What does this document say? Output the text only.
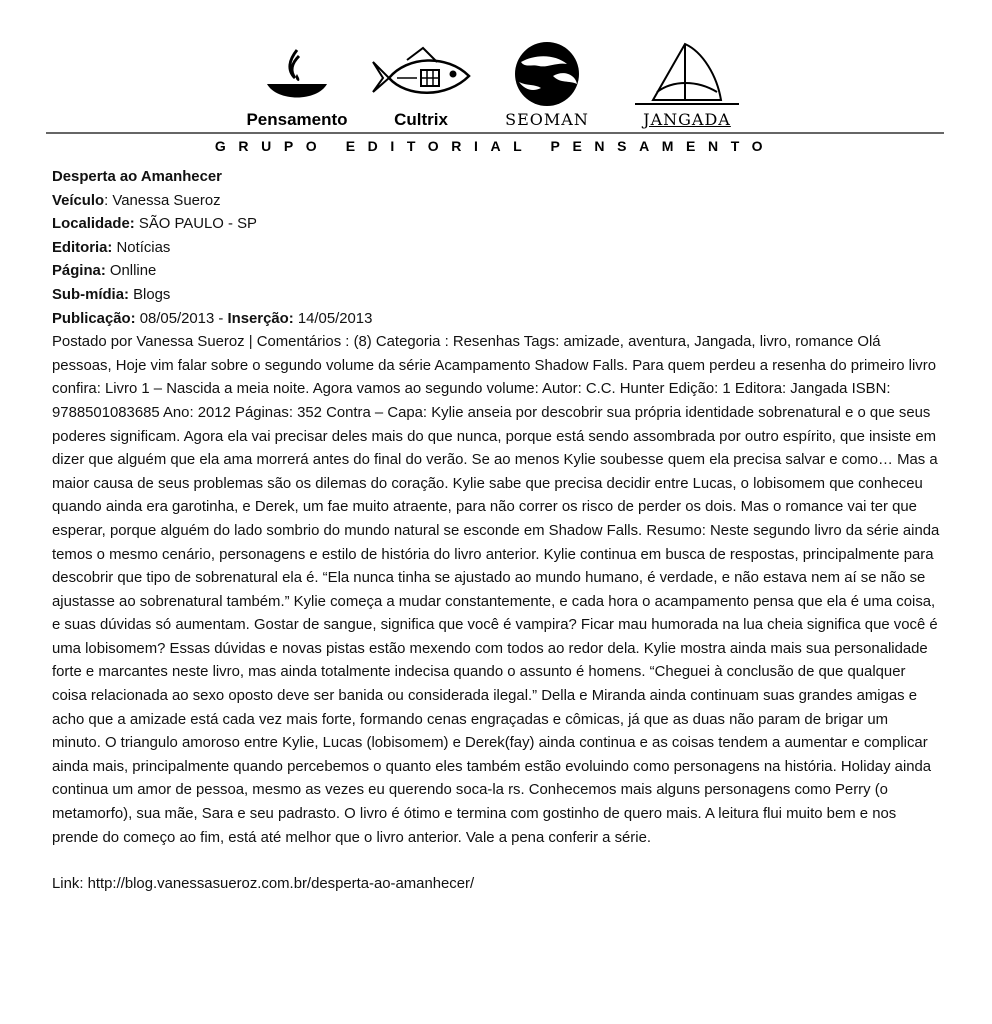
Pensamento	Cultrix	SEOMAN	JANGADA
GRUPO EDITORIAL PENSAMENTO
Desperta ao Amanhecer
Veículo: Vanessa Sueroz
Localidade: SÃO PAULO - SP
Editoria: Notícias
Página: Onlline
Sub-mídia: Blogs
Publicação: 08/05/2013 - Inserção: 14/05/2013

Postado por Vanessa Sueroz | Comentários : (8) Categoria : Resenhas Tags: amizade, aventura, Jangada, livro, romance Olá pessoas, Hoje vim falar sobre o segundo volume da série Acampamento Shadow Falls. Para quem perdeu a resenha do primeiro livro confira: Livro 1 – Nascida a meia noite. Agora vamos ao segundo volume: Autor: C.C. Hunter Edição: 1 Editora: Jangada ISBN: 9788501083685 Ano: 2012 Páginas: 352 Contra – Capa: Kylie anseia por descobrir sua própria identidade sobrenatural e o que seus poderes significam. Agora ela vai precisar deles mais do que nunca, porque está sendo assombrada por outro espírito, que insiste em dizer que alguém que ela ama morrerá antes do final do verão. Se ao menos Kylie soubesse quem ela precisa salvar e como… Mas a maior causa de seus problemas são os dilemas do coração. Kylie sabe que precisa decidir entre Lucas, o lobisomem que conheceu quando ainda era garotinha, e Derek, um fae muito atraente, para não correr os risco de perder os dois. Mas o romance vai ter que esperar, porque alguém do lado sombrio do mundo natural se esconde em Shadow Falls. Resumo: Neste segundo livro da série ainda temos o mesmo cenário, personagens e estilo de história do livro anterior. Kylie continua em busca de respostas, principalmente para descobrir que tipo de sobrenatural ela é. “Ela nunca tinha se ajustado ao mundo humano, é verdade, e não estava nem aí se não se ajustasse ao sobrenatural também.” Kylie começa a mudar constantemente, e cada hora o acampamento pensa que ela é uma coisa, e suas dúvidas só aumentam. Gostar de sangue, significa que você é vampira? Ficar mau humorada na lua cheia significa que você é uma lobisomem? Essas dúvidas e novas pistas estão mexendo com todos ao redor dela. Kylie mostra ainda mais sua personalidade forte e marcantes neste livro, mas ainda totalmente indecisa quando o assunto é homens. “Cheguei à conclusão de que qualquer coisa relacionada ao sexo oposto deve ser banida ou considerada ilegal.” Della e Miranda ainda continuam suas grandes amigas e acho que a amizade está cada vez mais forte, formando cenas engraçadas e cômicas, já que as duas não param de brigar um minuto. O triangulo amoroso entre Kylie, Lucas (lobisomem) e Derek(fay) ainda continua e as coisas tendem a aumentar e complicar ainda mais, principalmente quando percebemos o quanto eles também estão evoluindo como personagens na história. Holiday ainda continua um amor de pessoa, mesmo as vezes eu querendo soca-la rs. Conhecemos mais alguns personagens como Perry (o metamorfo), sua mãe, Sara e seu padrasto. O livro é ótimo e termina com gostinho de quero mais. A leitura flui muito bem e nos prende do começo ao fim, está até melhor que o livro anterior. Vale a pena conferir a série.

Link: http://blog.vanessasueroz.com.br/desperta-ao-amanhecer/
